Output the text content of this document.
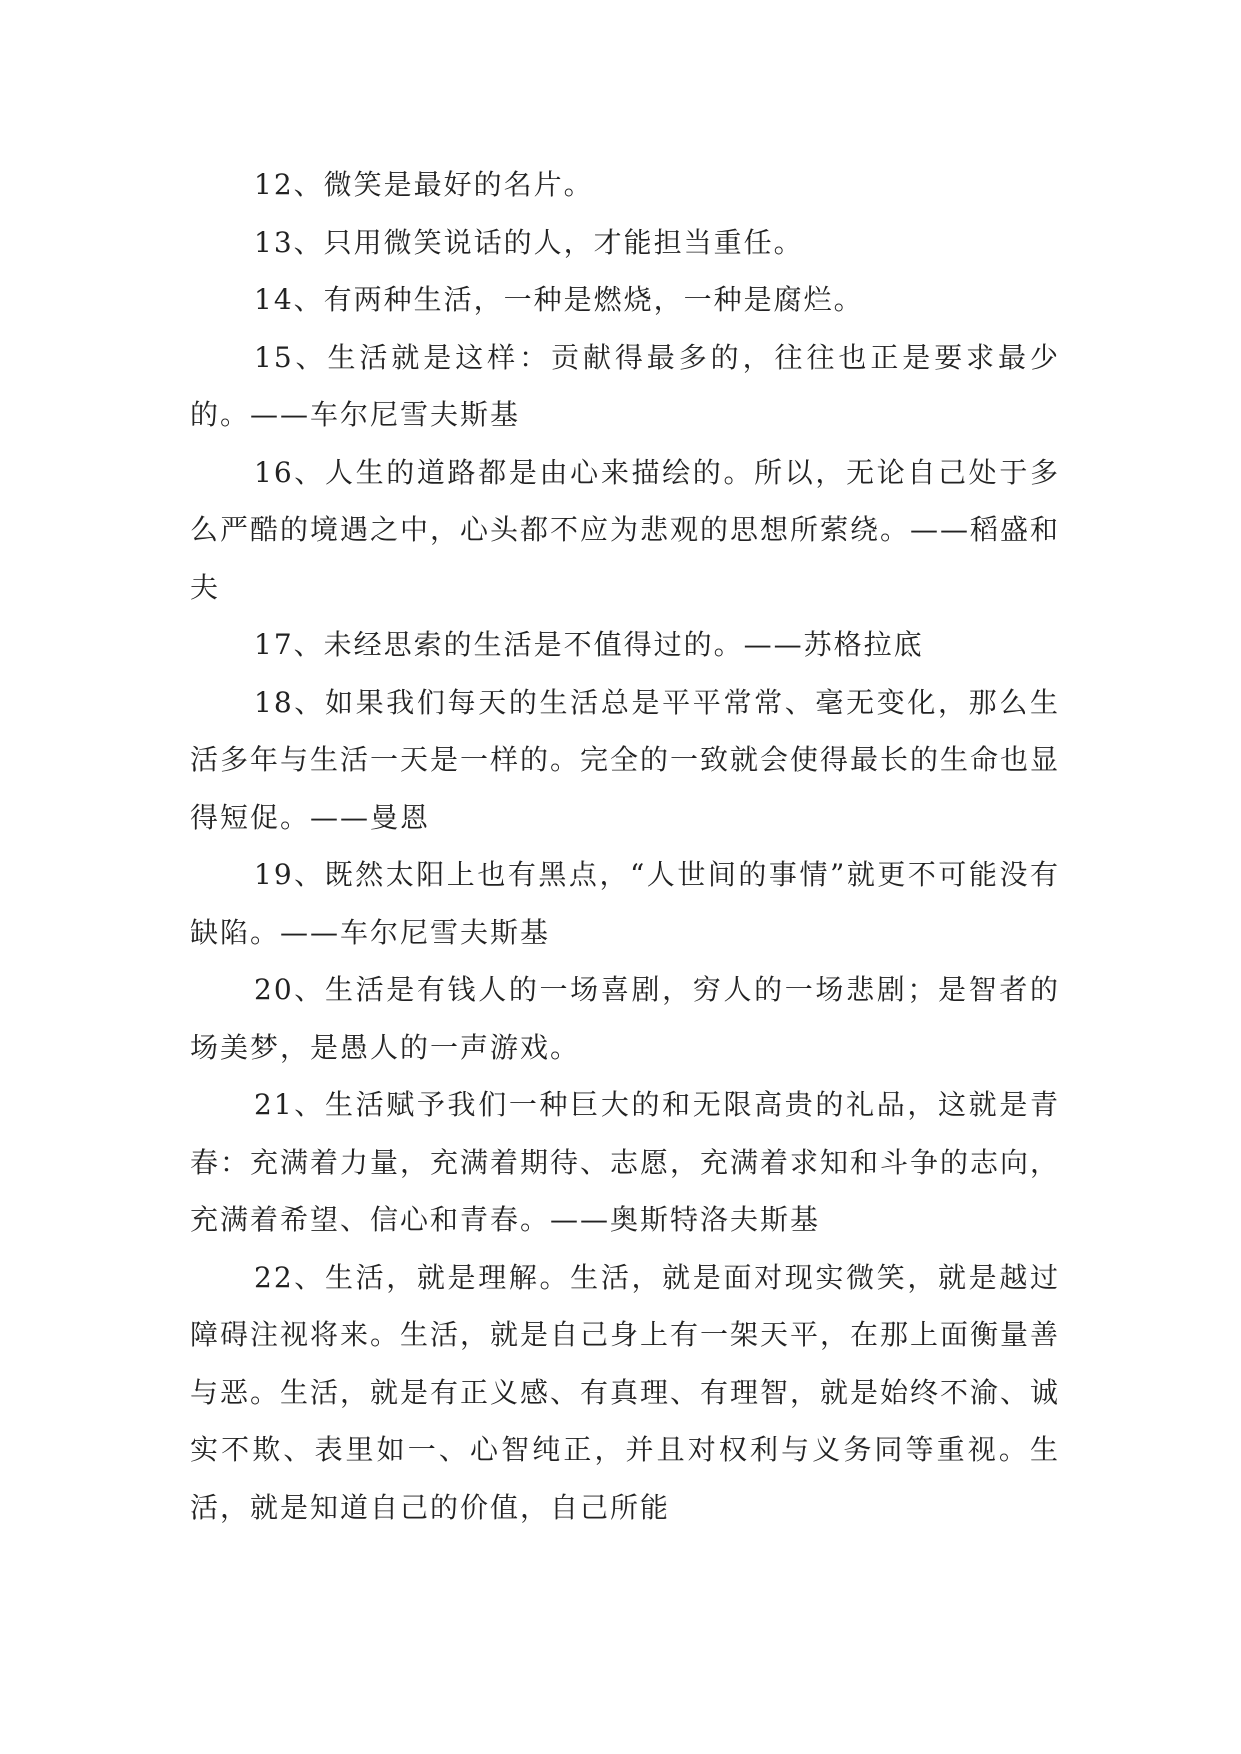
12、微笑是最好的名片。

13、只用微笑说话的人，才能担当重任。

14、有两种生活，一种是燃烧，一种是腐烂。

15、生活就是这样：贡献得最多的，往往也正是要求最少的。——车尔尼雪夫斯基

16、人生的道路都是由心来描绘的。所以，无论自己处于多么严酷的境遇之中，心头都不应为悲观的思想所萦绕。——稻盛和夫

17、未经思索的生活是不值得过的。——苏格拉底

18、如果我们每天的生活总是平平常常、毫无变化，那么生活多年与生活一天是一样的。完全的一致就会使得最长的生命也显得短促。——曼恩

19、既然太阳上也有黑点，“人世间的事情”就更不可能没有缺陷。——车尔尼雪夫斯基

20、生活是有钱人的一场喜剧，穷人的一场悲剧；是智者的场美梦，是愚人的一声游戏。

21、生活赋予我们一种巨大的和无限高贵的礼品，这就是青春：充满着力量，充满着期待、志愿，充满着求知和斗争的志向，充满着希望、信心和青春。——奥斯特洛夫斯基

22、生活，就是理解。生活，就是面对现实微笑，就是越过障碍注视将来。生活，就是自己身上有一架天平，在那上面衡量善与恶。生活，就是有正义感、有真理、有理智，就是始终不渝、诚实不欺、表里如一、心智纯正，并且对权利与义务同等重视。生活，就是知道自己的价值，自己所能
